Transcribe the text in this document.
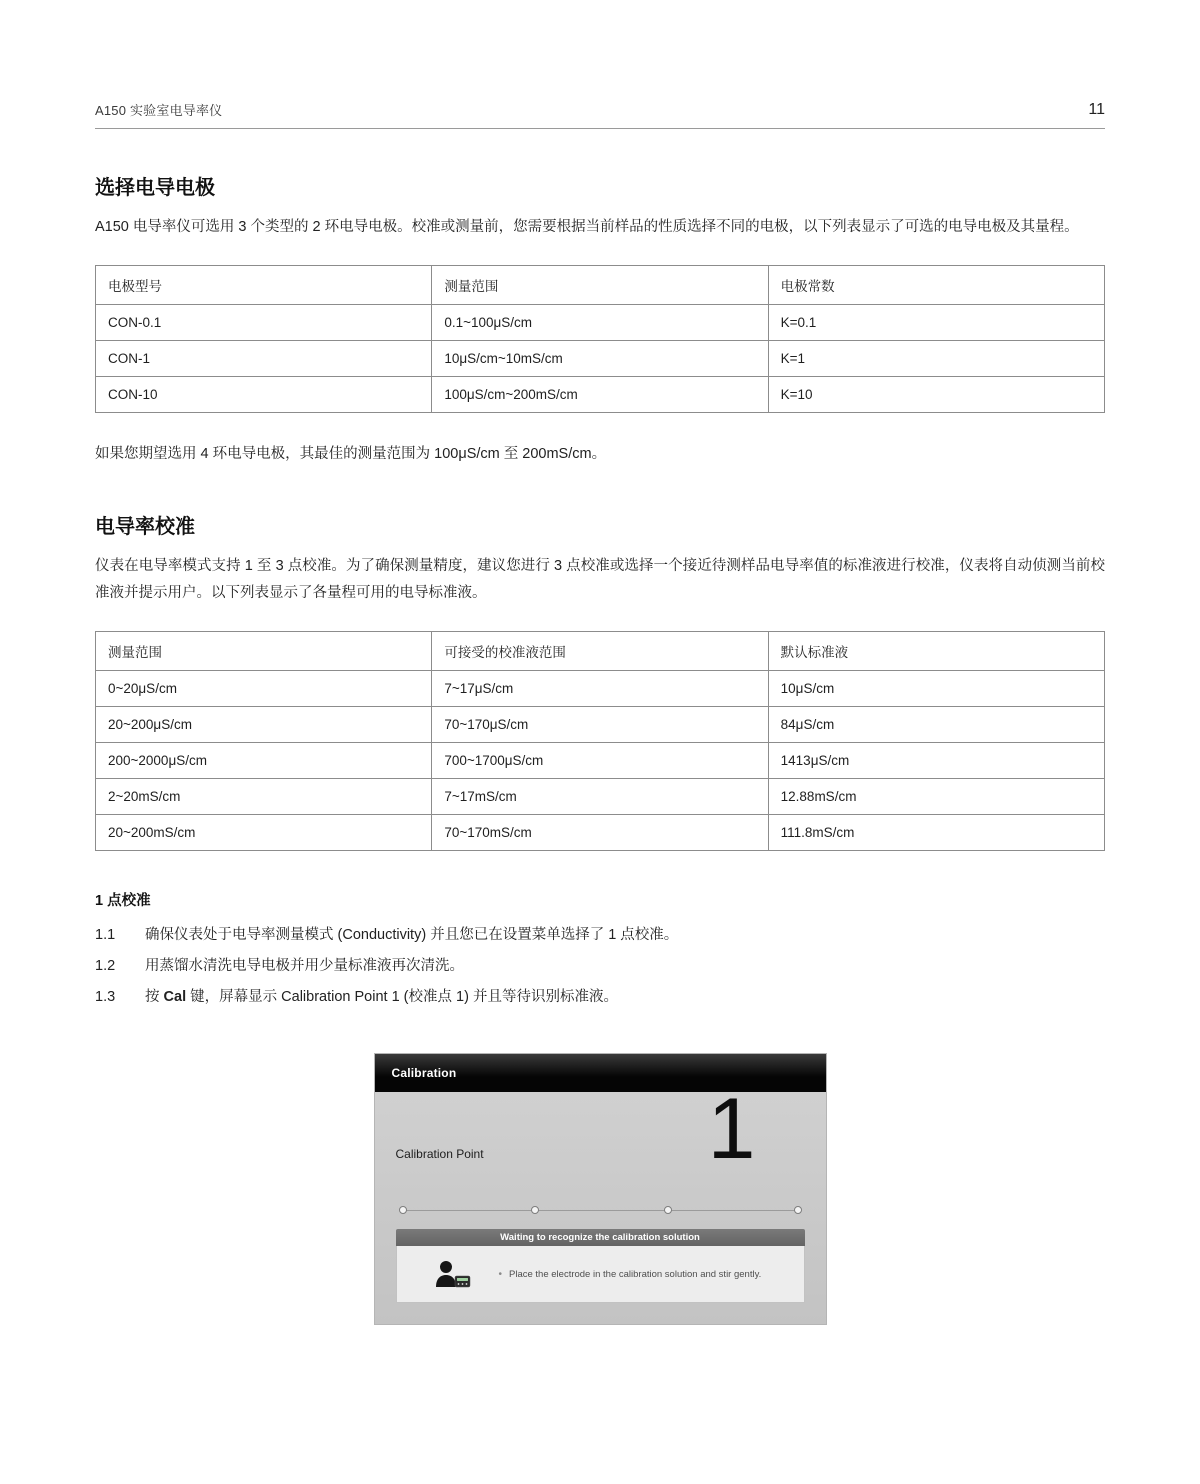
A150 实验室电导率仪	11
选择电导电极

A150 电导率仪可选用 3 个类型的 2 环电导电极。校准或测量前，您需要根据当前样品的性质选择不同的电极，以下列表显示了可选的电导电极及其量程。

电极型号	测量范围	电极常数
CON-0.1	0.1~100μS/cm	K=0.1
CON-1	10μS/cm~10mS/cm	K=1
CON-10	100μS/cm~200mS/cm	K=10

如果您期望选用 4 环电导电极，其最佳的测量范围为 100μS/cm 至 200mS/cm。

电导率校准

仪表在电导率模式支持 1 至 3 点校准。为了确保测量精度，建议您进行 3 点校准或选择一个接近待测样品电导率值的标准液进行校准，仪表将自动侦测当前校准液并提示用户。以下列表显示了各量程可用的电导标准液。

测量范围	可接受的校准液范围	默认标准液
0~20μS/cm	7~17μS/cm	10μS/cm
20~200μS/cm	70~170μS/cm	84μS/cm
200~2000μS/cm	700~1700μS/cm	1413μS/cm
2~20mS/cm	7~17mS/cm	12.88mS/cm
20~200mS/cm	70~170mS/cm	111.8mS/cm
1 点校准
1.1	确保仪表处于电导率测量模式 (Conductivity) 并且您已在设置菜单选择了 1 点校准。
1.2	用蒸馏水清洗电导电极并用少量标准液再次清洗。
1.3	按 Cal 键，屏幕显示 Calibration Point 1 (校准点 1) 并且等待识别标准液。
Calibration
Calibration Point	1
Waiting to recognize the calibration solution
• Place the electrode in the calibration solution and stir gently.
